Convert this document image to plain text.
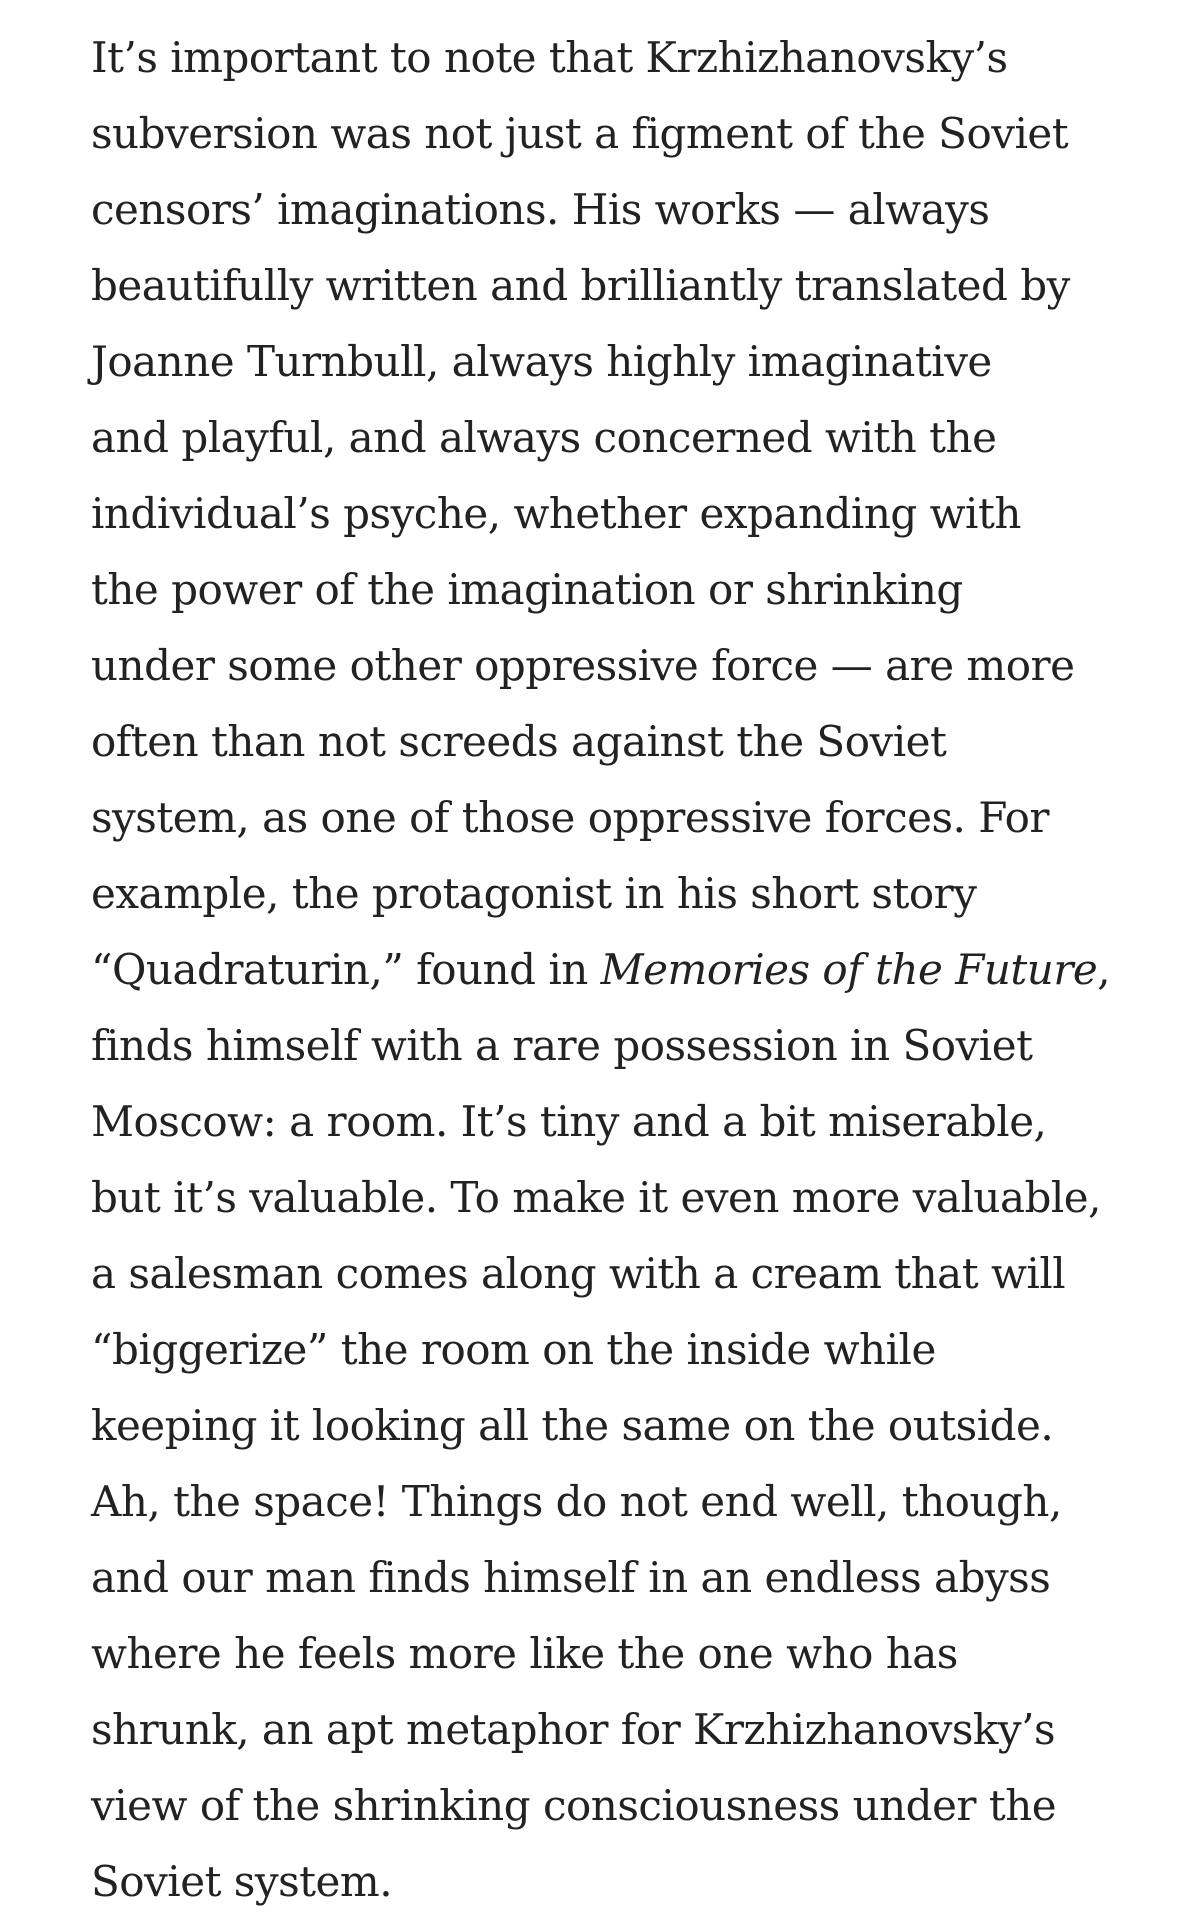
It’s important to note that Krzhizhanovsky’s
subversion was not just a figment of the Soviet
censors’ imaginations. His works — always
beautifully written and brilliantly translated by
Joanne Turnbull, always highly imaginative
and playful, and always concerned with the
individual’s psyche, whether expanding with
the power of the imagination or shrinking
under some other oppressive force — are more
often than not screeds against the Soviet
system, as one of those oppressive forces. For
example, the protagonist in his short story
“Quadraturin,” found in Memories of the Future,
finds himself with a rare possession in Soviet
Moscow: a room. It’s tiny and a bit miserable,
but it’s valuable. To make it even more valuable,
a salesman comes along with a cream that will
“biggerize” the room on the inside while
keeping it looking all the same on the outside.
Ah, the space! Things do not end well, though,
and our man finds himself in an endless abyss
where he feels more like the one who has
shrunk, an apt metaphor for Krzhizhanovsky’s
view of the shrinking consciousness under the
Soviet system.
